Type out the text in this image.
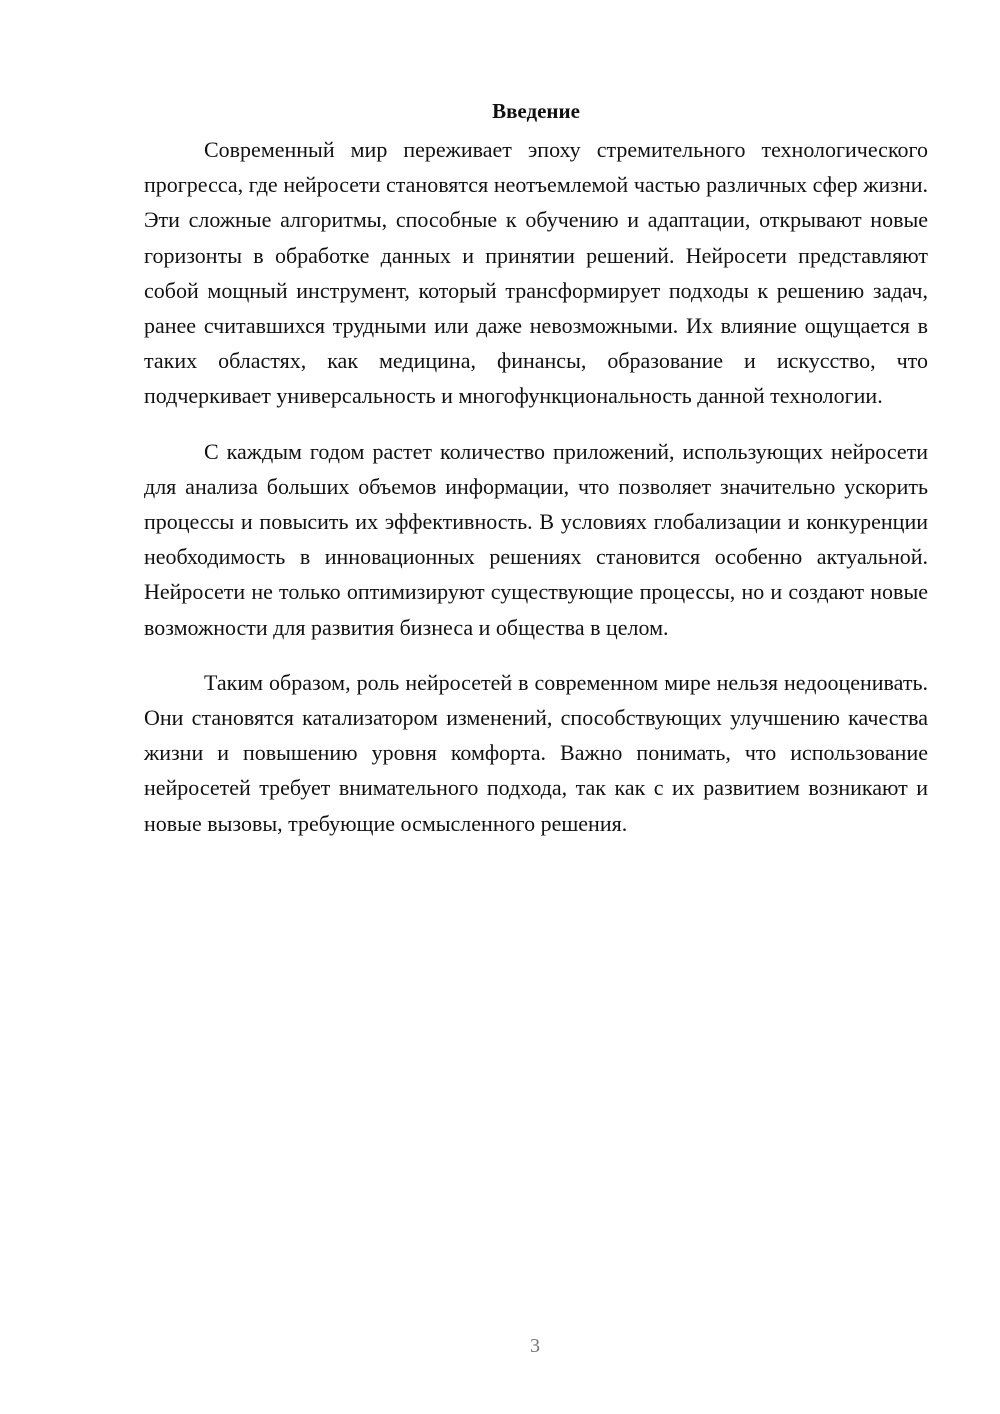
Введение

Современный мир переживает эпоху стремительного технологического прогресса, где нейросети становятся неотъемлемой частью различных сфер жизни. Эти сложные алгоритмы, способные к обучению и адаптации, открывают новые горизонты в обработке данных и принятии решений. Нейросети представляют собой мощный инструмент, который трансформирует подходы к решению задач, ранее считавшихся трудными или даже невозможными. Их влияние ощущается в таких областях, как медицина, финансы, образование и искусство, что подчеркивает универсальность и многофункциональность данной технологии.

С каждым годом растет количество приложений, использующих нейросети для анализа больших объемов информации, что позволяет значительно ускорить процессы и повысить их эффективность. В условиях глобализации и конкуренции необходимость в инновационных решениях становится особенно актуальной. Нейросети не только оптимизируют существующие процессы, но и создают новые возможности для развития бизнеса и общества в целом.

Таким образом, роль нейросетей в современном мире нельзя недооценивать. Они становятся катализатором изменений, способствующих улучшению качества жизни и повышению уровня комфорта. Важно понимать, что использование нейросетей требует внимательного подхода, так как с их развитием возникают и новые вызовы, требующие осмысленного решения.

3
